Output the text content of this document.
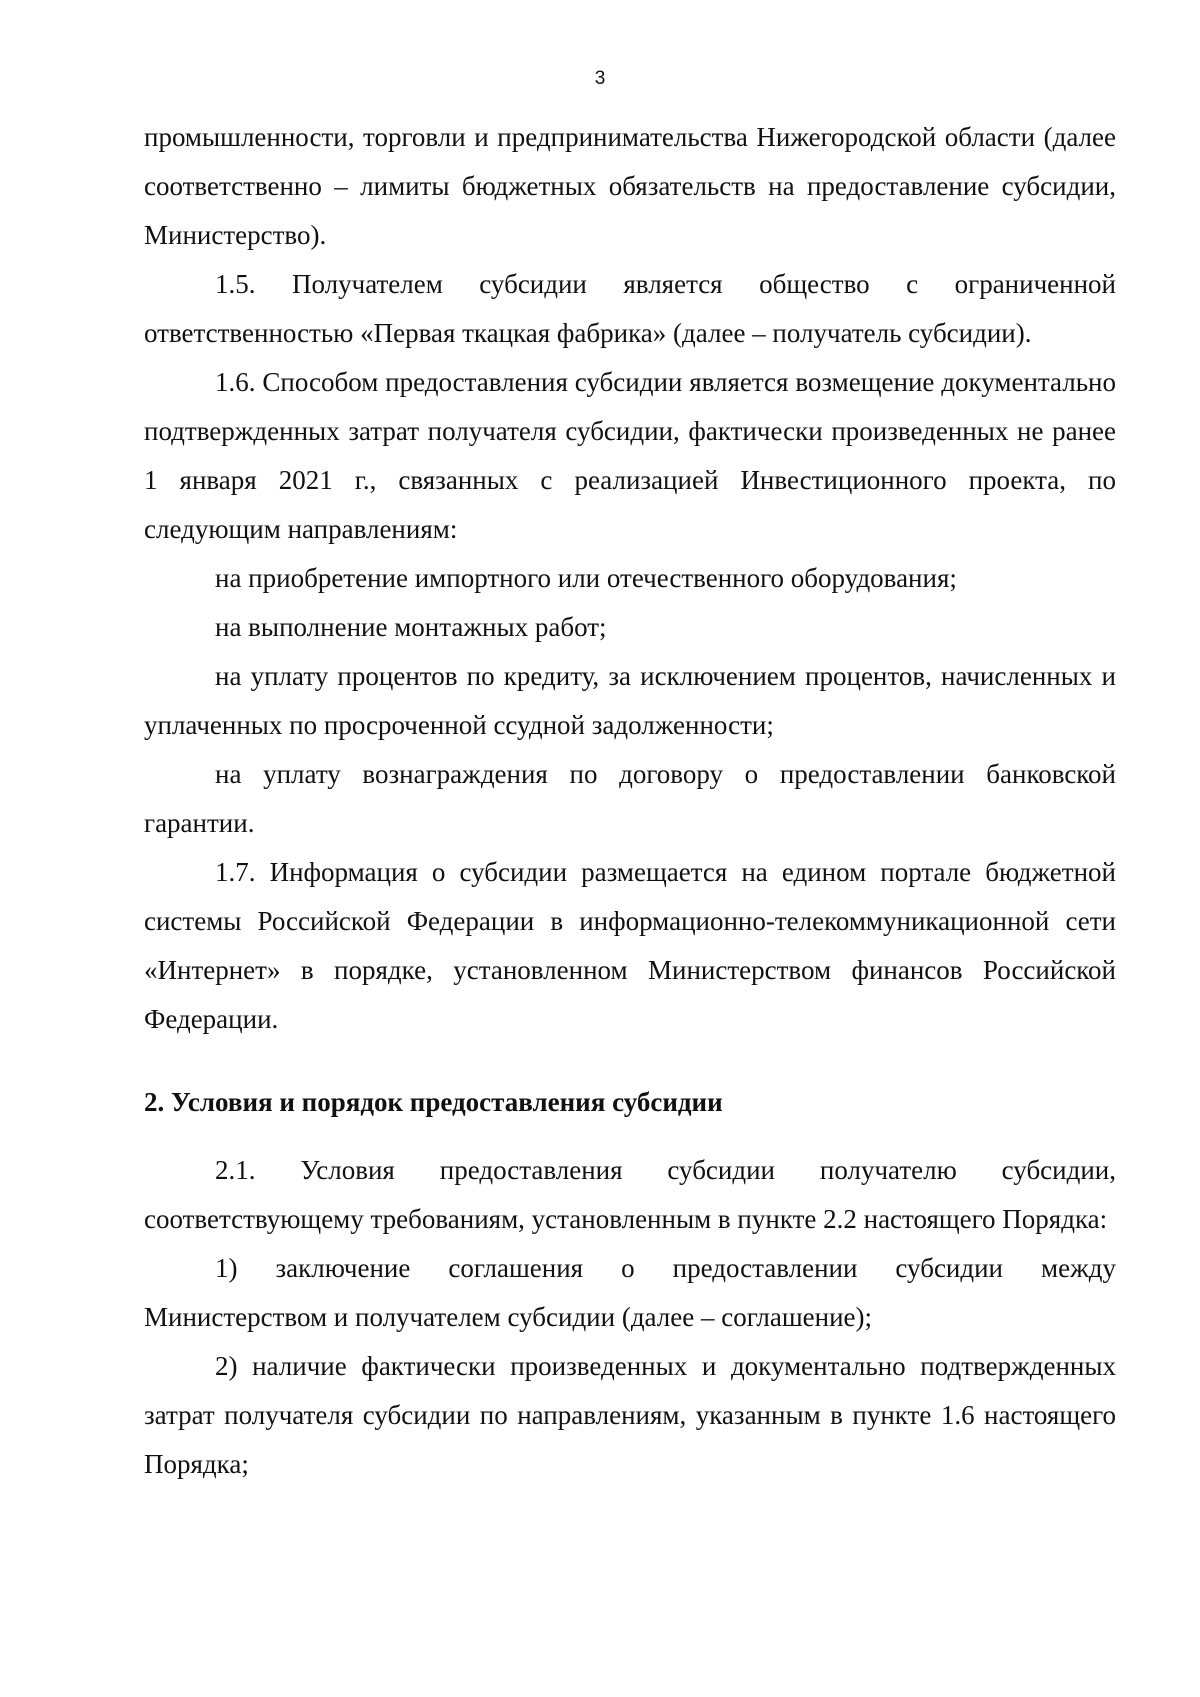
3

промышленности, торговли и предпринимательства Нижегородской области (далее соответственно – лимиты бюджетных обязательств на предоставление субсидии, Министерство).

1.5. Получателем субсидии является общество с ограниченной ответственностью «Первая ткацкая фабрика» (далее – получатель субсидии).

1.6. Способом предоставления субсидии является возмещение документально подтвержденных затрат получателя субсидии, фактически произведенных не ранее 1 января 2021 г., связанных с реализацией Инвестиционного проекта, по следующим направлениям:

на приобретение импортного или отечественного оборудования;

на выполнение монтажных работ;

на уплату процентов по кредиту, за исключением процентов, начисленных и уплаченных по просроченной ссудной задолженности;

на уплату вознаграждения по договору о предоставлении банковской гарантии.

1.7. Информация о субсидии размещается на едином портале бюджетной системы Российской Федерации в информационно-телекоммуникационной сети «Интернет» в порядке, установленном Министерством финансов Российской Федерации.

2. Условия и порядок предоставления субсидии

2.1. Условия предоставления субсидии получателю субсидии, соответствующему требованиям, установленным в пункте 2.2 настоящего Порядка:

1) заключение соглашения о предоставлении субсидии между Министерством и получателем субсидии (далее – соглашение);

2) наличие фактически произведенных и документально подтвержденных затрат получателя субсидии по направлениям, указанным в пункте 1.6 настоящего Порядка;
